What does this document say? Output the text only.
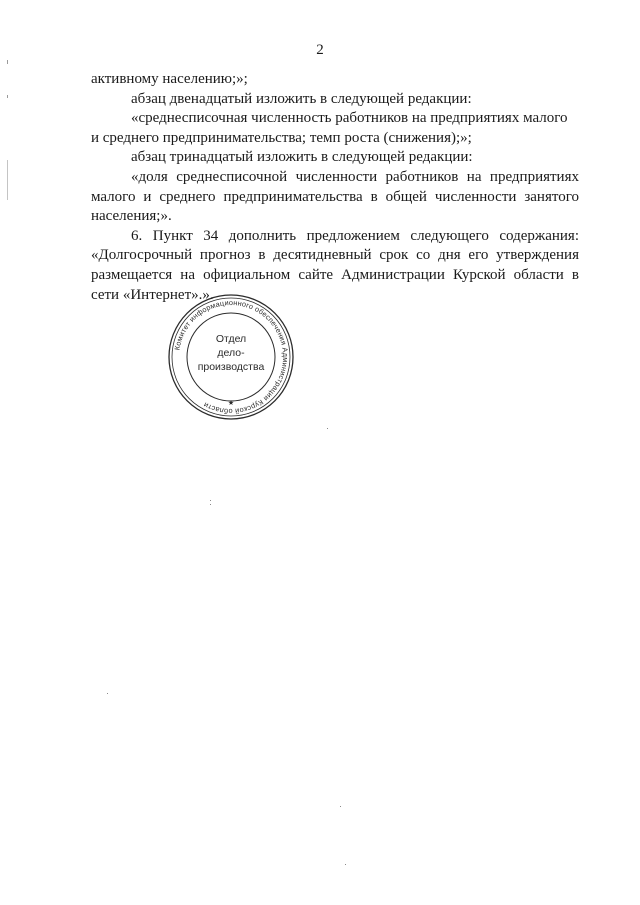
2

активному населению;»;

абзац двенадцатый изложить в следующей редакции:

«среднесписочная численность работников на предприятиях малого

и среднего предпринимательства; темп роста (снижения);»;

абзац тринадцатый изложить в следующей редакции:

«доля среднесписочной численности работников на предприятиях

малого и среднего предпринимательства в общей численности занятого

населения;».

6. Пункт 34 дополнить предложением следующего содержания:

«Долгосрочный прогноз в десятидневный срок со дня его утверждения

размещается на официальном сайте Администрации Курской области в

сети «Интернет».».

Комитет информационного обеспечения Администрации Курской области	★
Отдел
дело-
производства
